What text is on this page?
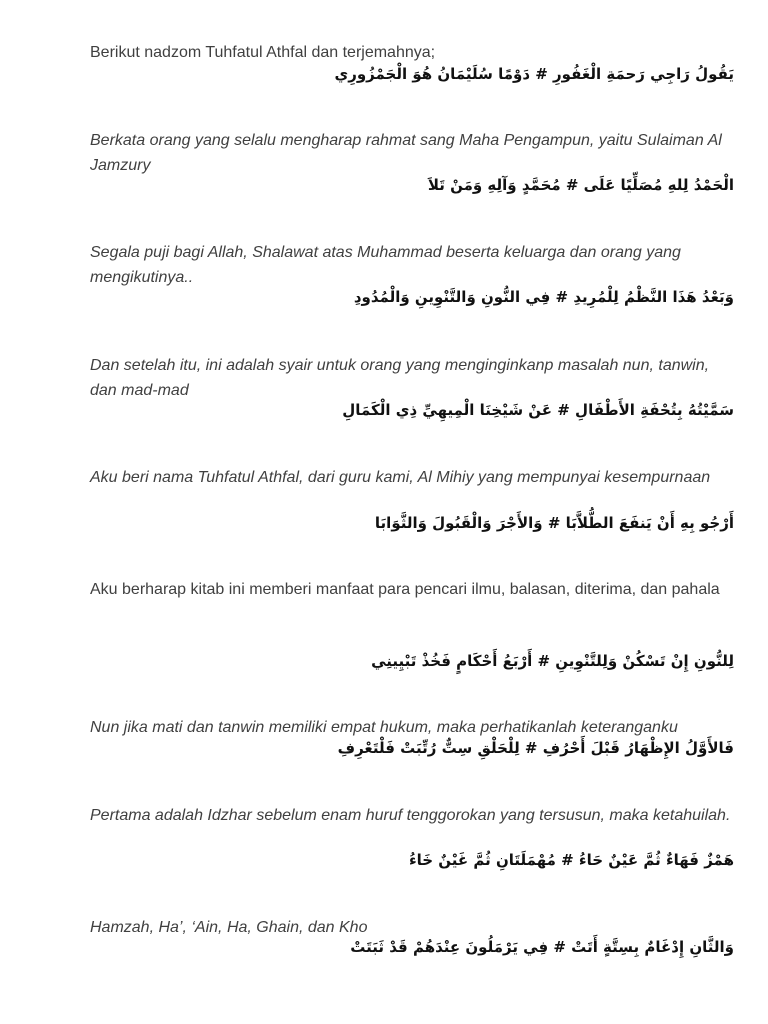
Berikut nadzom Tuhfatul Athfal dan terjemahnya;

يَقُولُ رَاجِي رَحمَةِ الْغَفُورِ # دَوْمًا سُلَيْمَانُ هُوَ الْجَمْزُورِي

Berkata orang yang selalu mengharap rahmat sang Maha Pengampun, yaitu Sulaiman Al Jamzury

الْحَمْدُ لِلهِ مُصَلِّيًا عَلَى # مُحَمَّدٍ وَآلِهِ وَمَنْ تَلاَ

Segala puji bagi Allah, Shalawat atas Muhammad beserta keluarga dan orang yang mengikutinya..

وَبَعْدُ هَذَا النَّظْمُ لِلْمُرِيدِ # فِي النُّونِ وَالتَّنْوِينِ وَالْمُدُودِ

Dan setelah itu, ini adalah syair untuk orang yang menginginkanp masalah nun, tanwin, dan mad-mad

سَمَّيْتُهُ بِتُحْفَةِ الأَطْفَالِ # عَنْ شَيْخِنَا الْمِيهِيِّ ذِي الْكَمَالِ

Aku beri nama Tuhfatul Athfal, dari guru kami, Al Mihiy yang mempunyai kesempurnaan

أَرْجُو بِهِ أَنْ يَنفَعَ الطُّلاَّبَا # وَالأَجْرَ وَالْقَبُولَ وَالثَّوَابَا

Aku berharap kitab ini memberi manfaat para pencari ilmu, balasan, diterima, dan pahala

لِلنُّونِ إِنْ تَسْكُنْ وَلِلتَّنْوِينِ # أَرْبَعُ أَحْكَامٍ فَخُذْ تَبْيِينِي

Nun jika mati dan tanwin memiliki empat hukum, maka perhatikanlah keteranganku

فَالأَوَّلُ الإِظْهَارُ قَبْلَ أَحْرُفِ # لِلْحَلْقِ سِتٌّ رُتِّبَتْ فَلْتَعْرِفِ

Pertama adalah Idzhar sebelum enam huruf tenggorokan yang tersusun, maka ketahuilah.

هَمْزٌ فَهَاءٌ ثُمَّ عَيْنٌ حَاءُ # مُهْمَلَتَانِ ثُمَّ غَيْنٌ خَاءُ

Hamzah, Ha’, ‘Ain, Ha, Ghain, dan Kho

وَالثَّانِ إِدْغَامٌ بِسِتَّةٍ أَتَتْ # فِي يَرْمَلُونَ عِنْدَهُمْ قَدْ ثَبَتَتْ
